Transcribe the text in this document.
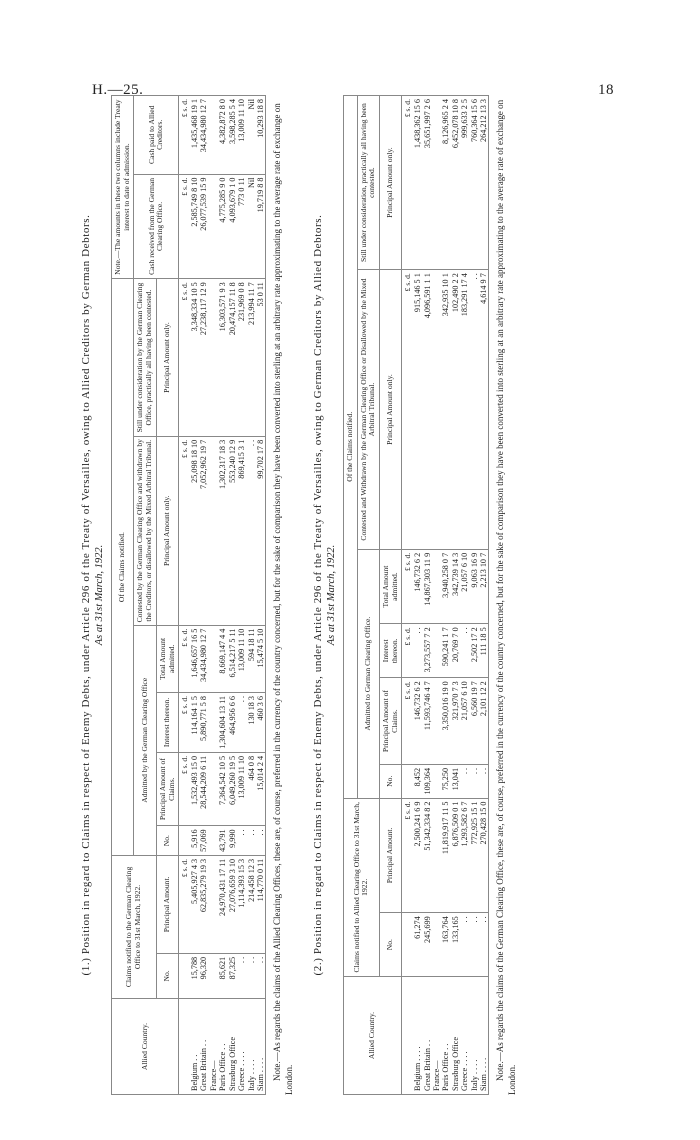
H.—25.	18

(1.) Position in regard to Claims in respect of Enemy Debts, under Article 296 of the Treaty of Versailles, owing to Allied Creditors by German Debtors. As at 31st March, 1922.

Allied Country.	Claims notified to the German Clearing Office to 31st March, 1922.		Of the Claims notified.						Note.—The amounts in these two columns include Treaty interest to date of admission.	
			Admitted by the German Clearing Office				Contested by the German Clearing Office and withdrawn by the Creditors, or disallowed by the Mixed Arbitral Tribunal.	Still under consideration by the German Clearing Office, practically all having been contested.	Cash received from the German Clearing Office.	Cash paid to Allied Creditors.
	No.	Principal Amount.	No.	Principal Amount of Claims.	Interest thereon.	Total Amount admitted.	Principal Amount only.	Principal Amount only.		
		£ s. d.		£ s. d.	£ s. d.	£ s. d.	£ s. d.	£ s. d.	£ s. d.	£ s. d.
Belgium . .	15,788	5,405,927 4 3	5,916	1,532,493 15 0	114,164 1 5	1,646,657 16 5	25,098 18 10	3,348,334 10 5	2,585,749 8 10	1,435,468 19 1
Great Britain . .	96,320	62,835,279 19 3	57,069	28,544,209 6 11	5,890,771 5 8	34,434,980 12 7	7,052,962 19 7	27,238,117 12 9	26,077,539 15 9	34,434,980 12 7
France—										
Paris Office . .	85,621	24,970,431 17 11	43,791	7,364,542 10 5	1,304,604 13 11	8,669,147 4 4	1,302,317 18 3	16,303,571 9 3	4,775,285 9 0	4,382,872 8 0
Strasburg Office	87,325	27,076,659 3 10	9,990	6,049,260 19 5	464,956 6 6	6,514,217 5 11	553,240 12 9	20,474,157 11 8	4,093,679 1 0	3,598,285 5 4
Greece . . . .	. .	1,114,393 15 3	. .	13,009 11 10	. .	13,009 11 10	869,415 3 1	231,969 0 8	773 0 11	13,009 11 10
Italy . . . .	. .	214,458 12 3	. .	464 0 8	130 18 3	594 18 11	. .	213,994 11 7	Nil	Nil
Siam . . . .	. .	114,770 0 11	. .	15,014 2 4	460 3 6	15,474 5 10	99,702 17 8	53 0 11	19,719 8 8	10,293 18 8 Note.—As regards the claims of the Allied Clearing Offices, these are, of course, preferred in the currency of the country concerned, but for the sake of comparison they have been converted into sterling at an arbitrary rate approximating to the average rate of exchange on London.

(2.) Position in regard to Claims in respect of Enemy Debts, under Article 296 of the Treaty of Versailles, owing to German Creditors by Allied Debtors. As at 31st March, 1922.

Allied Country.	Claims notified to Allied Clearing Office to 31st March, 1922.		Of the Claims notified.					
			Admitted to German Clearing Office.				Contested and Withdrawn by the German Clearing Office or Disallowed by the Mixed Arbitral Tribunal.	Still under consideration, practically all having been contested.
	No.	Principal Amount.	No.	Principal Amount of Claims.	Interest thereon.	Total Amount admitted.	Principal Amount only.	Principal Amount only.
		£ s. d.		£ s. d.	£ s. d.	£ s. d.	£ s. d.	£ s. d.
Belgium . . . .	61,274	2,500,241 6 9	8,452	146,732 6 2	. .	146,732 6 2	915,146 5 1	1,438,362 15 6
Great Britain . .	245,699	51,342,334 8 2	109,364	11,593,746 4 7	3,273,557 7 2	14,867,303 11 9	4,096,591 1 1	35,651,997 2 6
France—								
Paris Office . .	163,764	11,819,917 11 5	75,250	3,350,016 19 0	590,241 1 7	3,940,258 0 7	342,935 10 1	8,126,965 2 4
Strasburg Office	133,165	6,876,509 0 1	13,041	321,970 7 3	20,769 7 0	342,739 14 3	102,490 2 2	6,452,078 10 8
Greece . . . .	. .	1,293,582 6 7	. .	21,057 6 10	. .	21,057 6 10	183,291 17 4	999,633 2 5
Italy . . . .	. .	772,925 15 1	. .	6,560 19 7	2,502 17 2	9,063 16 9	. .	760,364 15 6
Siam . . . .	. .	270,428 15 0	. .	2,101 12 2	111 18 5	2,213 10 7	4,614 9 7	264,212 13 3 Note.—As regards the claims of the German Clearing Office, these are, of course, preferred in the currency of the country concerned, but for the sake of comparison they have been converted into sterling at an arbitrary rate approximating to the average rate of exchange on London.
